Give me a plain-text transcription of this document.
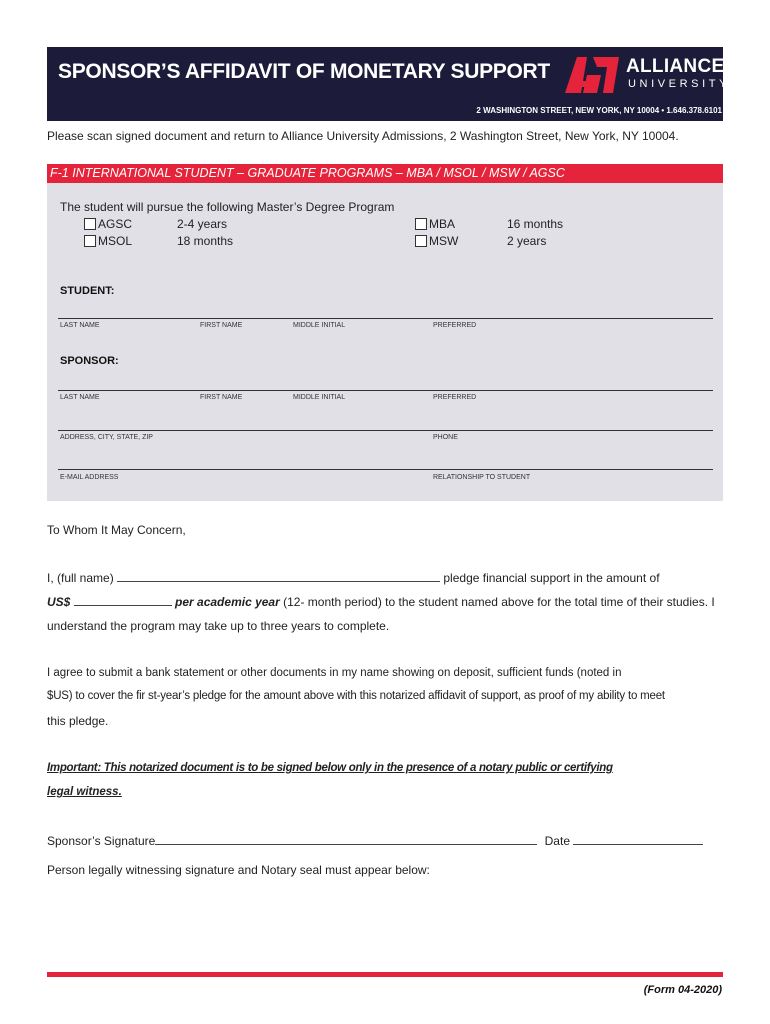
SPONSOR’S AFFIDAVIT OF MONETARY SUPPORT	ALLIANCE
UNIVERSITY
2 WASHINGTON STREET, NEW YORK, NY 10004 • 1.646.378.6101
Please scan signed document and return to Alliance University Admissions, 2 Washington Street, New York, NY 10004.
F-1 INTERNATIONAL STUDENT – GRADUATE PROGRAMS – MBA / MSOL / MSW / AGSC
The student will pursue the following Master’s Degree Program
AGSC	2-4 years
MSOL	18 months
MBA	16 months
MSW	2 years
STUDENT:
LAST NAME	FIRST NAME	MIDDLE INITIAL	PREFERRED
SPONSOR:
LAST NAME	FIRST NAME	MIDDLE INITIAL	PREFERRED
ADDRESS, CITY, STATE, ZIP	PHONE
E-MAIL ADDRESS	RELATIONSHIP TO STUDENT
To Whom It May Concern,
I, (full name)	pledge financial support in the amount of
US$	per academic year (12- month period) to the student named above for the total time of their studies. I
understand the program may take up to three years to complete.
I agree to submit a bank statement or other documents in my name showing on deposit, sufficient funds (noted in
$US) to cover the fir st-year’s pledge for the amount above with this notarized affidavit of support, as proof of my ability to meet
this pledge.
Important: This notarized document is to be signed below only in the presence of a notary public or certifying
legal witness.
Sponsor’s Signature	Date
Person legally witnessing signature and Notary seal must appear below:
(Form 04-2020)
